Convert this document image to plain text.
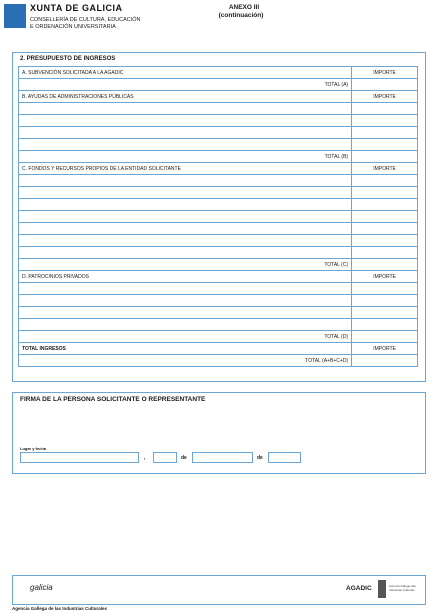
XUNTA DE GALICIA
CONSELLERÍA DE CULTURA, EDUCACIÓN
E ORDENACIÓN UNIVERSITARIA
ANEXO III
(continuación)
2. PRESUPUESTO DE INGRESOS
A. SUBVENCIÓN SOLICITADA A LA AGADIC	IMPORTE
TOTAL (A)	
B. AYUDAS DE ADMINISTRACIONES PÚBLICAS	IMPORTE

TOTAL (B)	
C. FONDOS Y RECURSOS PROPIOS DE LA ENTIDAD SOLICITANTE	IMPORTE

TOTAL (C)	
D. PATROCINIOS PRIVADOS	IMPORTE

TOTAL (D)	
TOTAL INGRESOS	IMPORTE
TOTAL (A+B+C+D)	
FIRMA DE LA PERSONA SOLICITANTE O REPRESENTANTE
Lugar y fecha
,	de	de
galicia	AGADIC	Axencia Galega das Industrias Culturais
Agencia Gallega de las Industrias Culturales
